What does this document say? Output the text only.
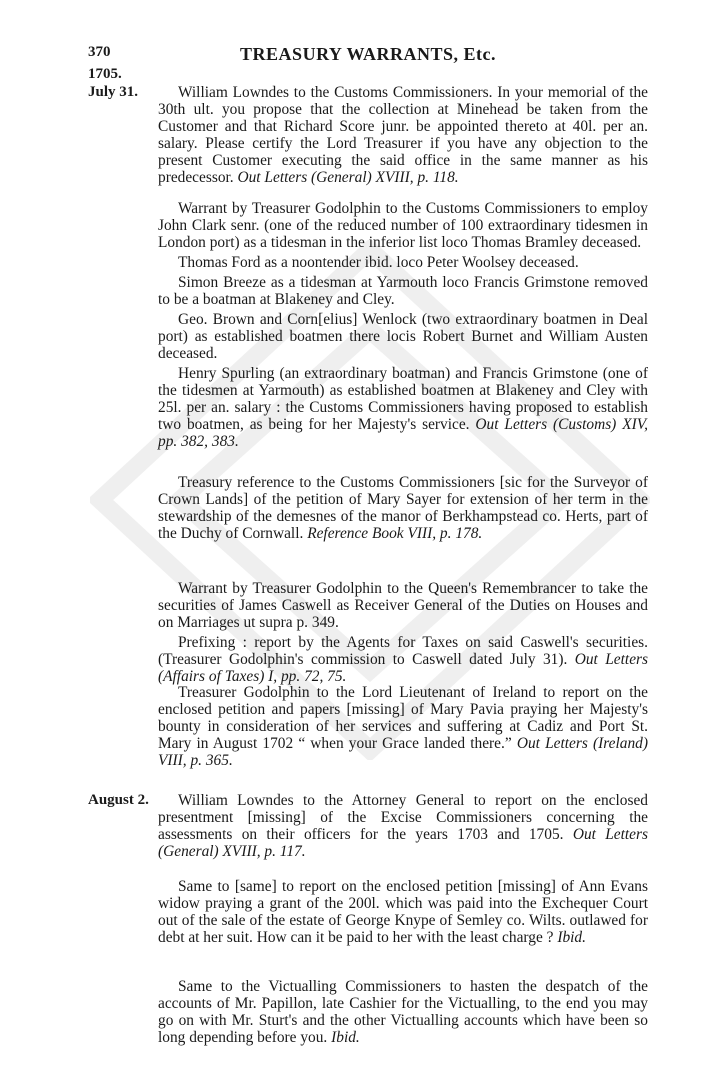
370	TREASURY WARRANTS, Etc.
1705.
July 31.	William Lowndes to the Customs Commissioners. In your memorial of the 30th ult. you propose that the collection at Minehead be taken from the Customer and that Richard Score junr. be appointed thereto at 40l. per an. salary. Please certify the Lord Treasurer if you have any objection to the present Customer executing the said office in the same manner as his predecessor. Out Letters (General) XVIII, p. 118.

Warrant by Treasurer Godolphin to the Customs Commissioners to employ John Clark senr. (one of the reduced number of 100 extraordinary tidesmen in London port) as a tidesman in the inferior list loco Thomas Bramley deceased.

Thomas Ford as a noontender ibid. loco Peter Woolsey deceased.

Simon Breeze as a tidesman at Yarmouth loco Francis Grimstone removed to be a boatman at Blakeney and Cley.

Geo. Brown and Corn[elius] Wenlock (two extraordinary boatmen in Deal port) as established boatmen there locis Robert Burnet and William Austen deceased.

Henry Spurling (an extraordinary boatman) and Francis Grimstone (one of the tidesmen at Yarmouth) as established boatmen at Blakeney and Cley with 25l. per an. salary : the Customs Commissioners having proposed to establish two boatmen, as being for her Majesty's service. Out Letters (Customs) XIV, pp. 382, 383.

Treasury reference to the Customs Commissioners [sic for the Surveyor of Crown Lands] of the petition of Mary Sayer for extension of her term in the stewardship of the demesnes of the manor of Berkhampstead co. Herts, part of the Duchy of Cornwall. Reference Book VIII, p. 178.

Warrant by Treasurer Godolphin to the Queen's Remembrancer to take the securities of James Caswell as Receiver General of the Duties on Houses and on Marriages ut supra p. 349.

Prefixing : report by the Agents for Taxes on said Caswell's securities. (Treasurer Godolphin's commission to Caswell dated July 31). Out Letters (Affairs of Taxes) I, pp. 72, 75.

Treasurer Godolphin to the Lord Lieutenant of Ireland to report on the enclosed petition and papers [missing] of Mary Pavia praying her Majesty's bounty in consideration of her services and suffering at Cadiz and Port St. Mary in August 1702 “ when your Grace landed there.” Out Letters (Ireland) VIII, p. 365.

August 2.	William Lowndes to the Attorney General to report on the enclosed presentment [missing] of the Excise Commissioners concerning the assessments on their officers for the years 1703 and 1705. Out Letters (General) XVIII, p. 117.

Same to [same] to report on the enclosed petition [missing] of Ann Evans widow praying a grant of the 200l. which was paid into the Exchequer Court out of the sale of the estate of George Knype of Semley co. Wilts. outlawed for debt at her suit. How can it be paid to her with the least charge ? Ibid.

Same to the Victualling Commissioners to hasten the despatch of the accounts of Mr. Papillon, late Cashier for the Victualling, to the end you may go on with Mr. Sturt's and the other Victualling accounts which have been so long depending before you. Ibid.
